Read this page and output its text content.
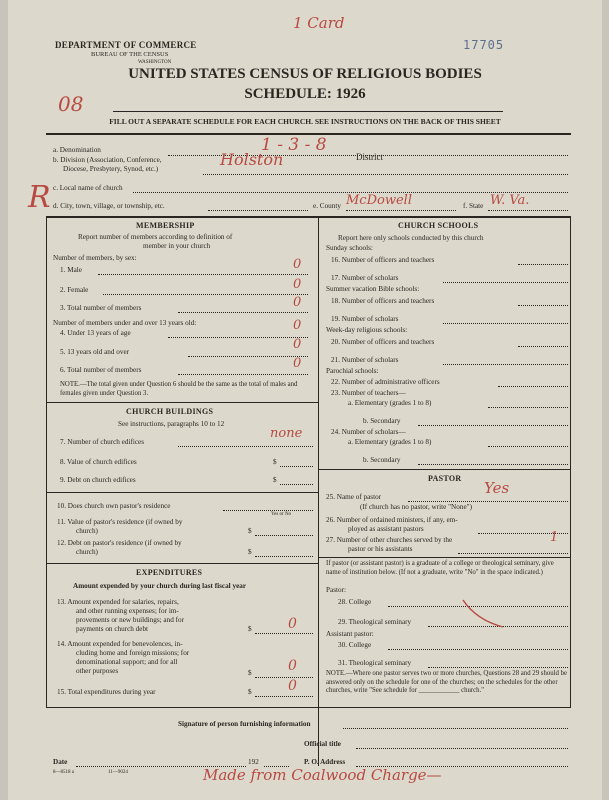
DEPARTMENT OF COMMERCE
BUREAU OF THE CENSUS
WASHINGTON
17705
1 Card
08
R
UNITED STATES CENSUS OF RELIGIOUS BODIES
SCHEDULE: 1926
FILL OUT A SEPARATE SCHEDULE FOR EACH CHURCH. SEE INSTRUCTIONS ON THE BACK OF THIS SHEET
a. Denomination	1 - 3 - 8
b. Division (Association, Conference,
Diocese, Presbytery, Synod, etc.)	Holston	District
c. Local name of church
d. City, town, village, or township, etc.	e. County McDowell	f. State W. Va.
MEMBERSHIP
Report number of members according to definition of
member in your church
Number of members, by sex:
1. Male	0
2. Female	0
3. Total number of members	0
Number of members under and over 13 years old:
4. Under 13 years of age	0
5. 13 years old and over	0
6. Total number of members	0
NOTE.—The total given under Question 6 should be the same as the total of males and females given under Question 3.
CHURCH BUILDINGS
See instructions, paragraphs 10 to 12
7. Number of church edifices
none
8. Value of church edifices	$
9. Debt on church edifices	$
10. Does church own pastor's residence
Yes or No
11. Value of pastor's residence (if owned by
church)	$
12. Debt on pastor's residence (if owned by
church)	$
EXPENDITURES
Amount expended by your church during last fiscal year
13. Amount expended for salaries, repairs,
and other running expenses; for im-
provements or new buildings; and for
payments on church debt	$	0
14. Amount expended for benevolences, in-
cluding home and foreign missions; for
denominational support; and for all
other purposes	$	0
15. Total expenditures during year	$	0
CHURCH SCHOOLS
Report here only schools conducted by this church
Sunday schools:
16. Number of officers and teachers
17. Number of scholars
Summer vacation Bible schools:
18. Number of officers and teachers
19. Number of scholars
Week-day religious schools:
20. Number of officers and teachers
21. Number of scholars
Parochial schools:
22. Number of administrative officers
23. Number of teachers—
a. Elementary (grades 1 to 8)
b. Secondary
24. Number of scholars—
a. Elementary (grades 1 to 8)
b. Secondary
PASTOR
25. Name of pastor	Yes
(If church has no pastor, write "None")
26. Number of ordained ministers, if any, em-
ployed as assistant pastors
27. Number of other churches served by the
pastor or his assistants
1
If pastor (or assistant pastor) is a graduate of a college or theological seminary, give name of institution below. (If not a graduate, write "No" in the space indicated.)
Pastor:
28. College
29. Theological seminary
Assistant pastor:
30. College
31. Theological seminary
NOTE.—Where one pastor serves two or more churches, Questions 28 and 29 should be answered only on the schedule for one of the churches; on the schedules for the other churches, write "See schedule for ____________ church."
Signature of person furnishing information
Official title
Date	192	P. O. Address
8—8518 a	11—9024	Made from Coalwood Charge—
